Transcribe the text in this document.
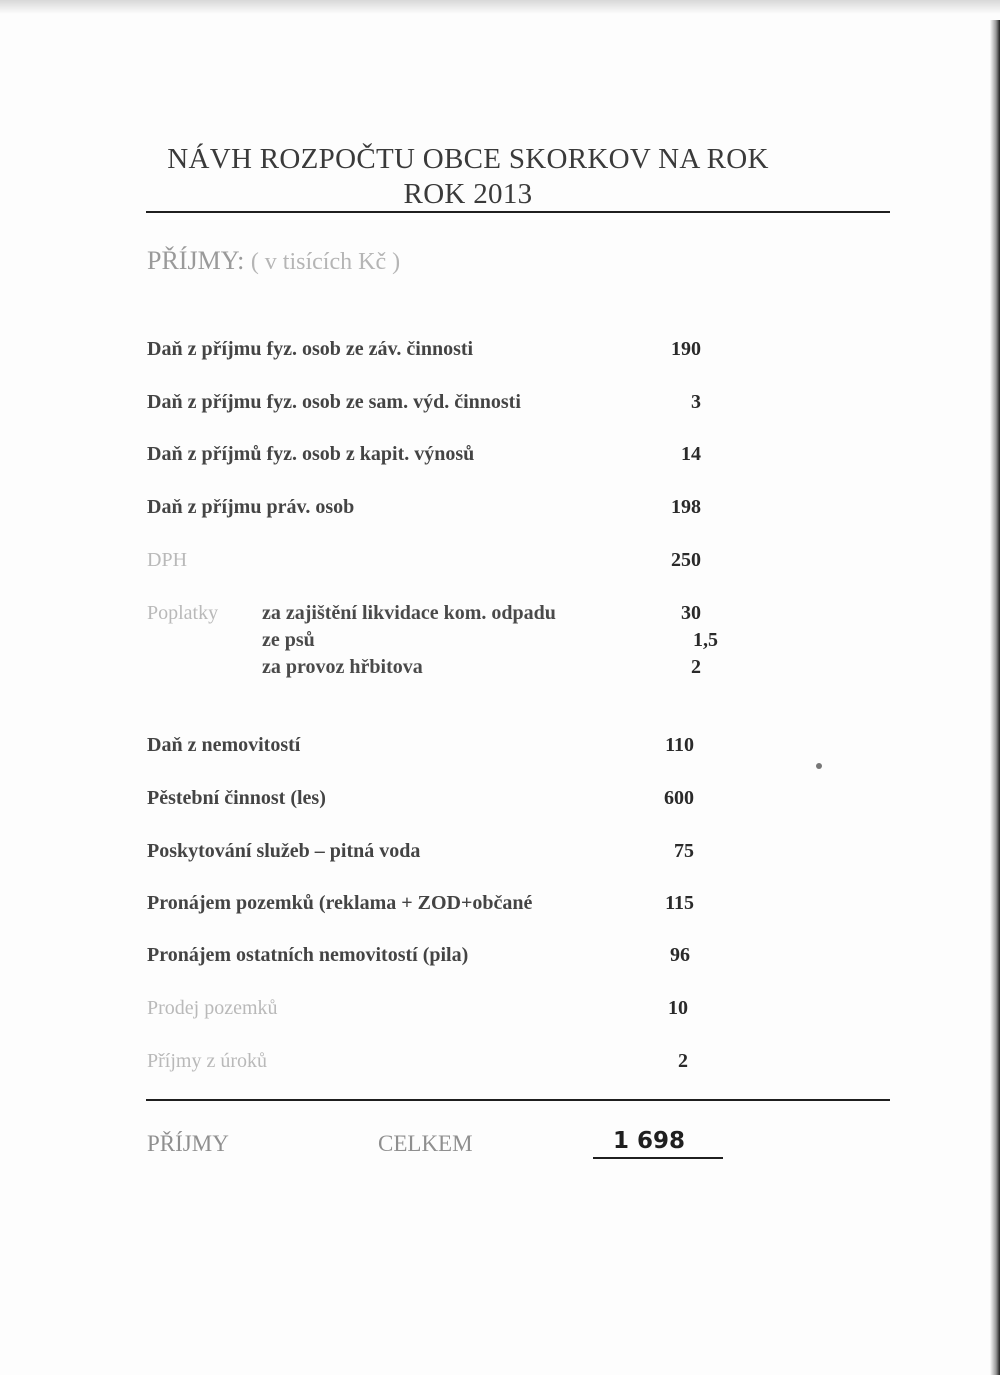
NÁVH ROZPOČTU OBCE SKORKOV NA ROK
ROK 2013
PŘÍJMY: ( v tisících Kč )
Daň z příjmu fyz. osob ze záv. činnosti	190
Daň z příjmu fyz. osob ze sam. výd. činnosti	3
Daň z příjmů fyz. osob z kapit. výnosů	14
Daň z příjmu práv. osob	198
DPH	250
Poplatky za zajištění likvidace kom. odpadu	30
ze psů	1,5
za provoz hřbitova	2
Daň z nemovitostí	110
Pěstební činnost (les)	600
Poskytování služeb – pitná voda	75
Pronájem pozemků (reklama + ZOD+občané	115
Pronájem ostatních nemovitostí (pila)	96
Prodej pozemků	10
Příjmy z úroků	2
PŘÍJMY	CELKEM	1 698
